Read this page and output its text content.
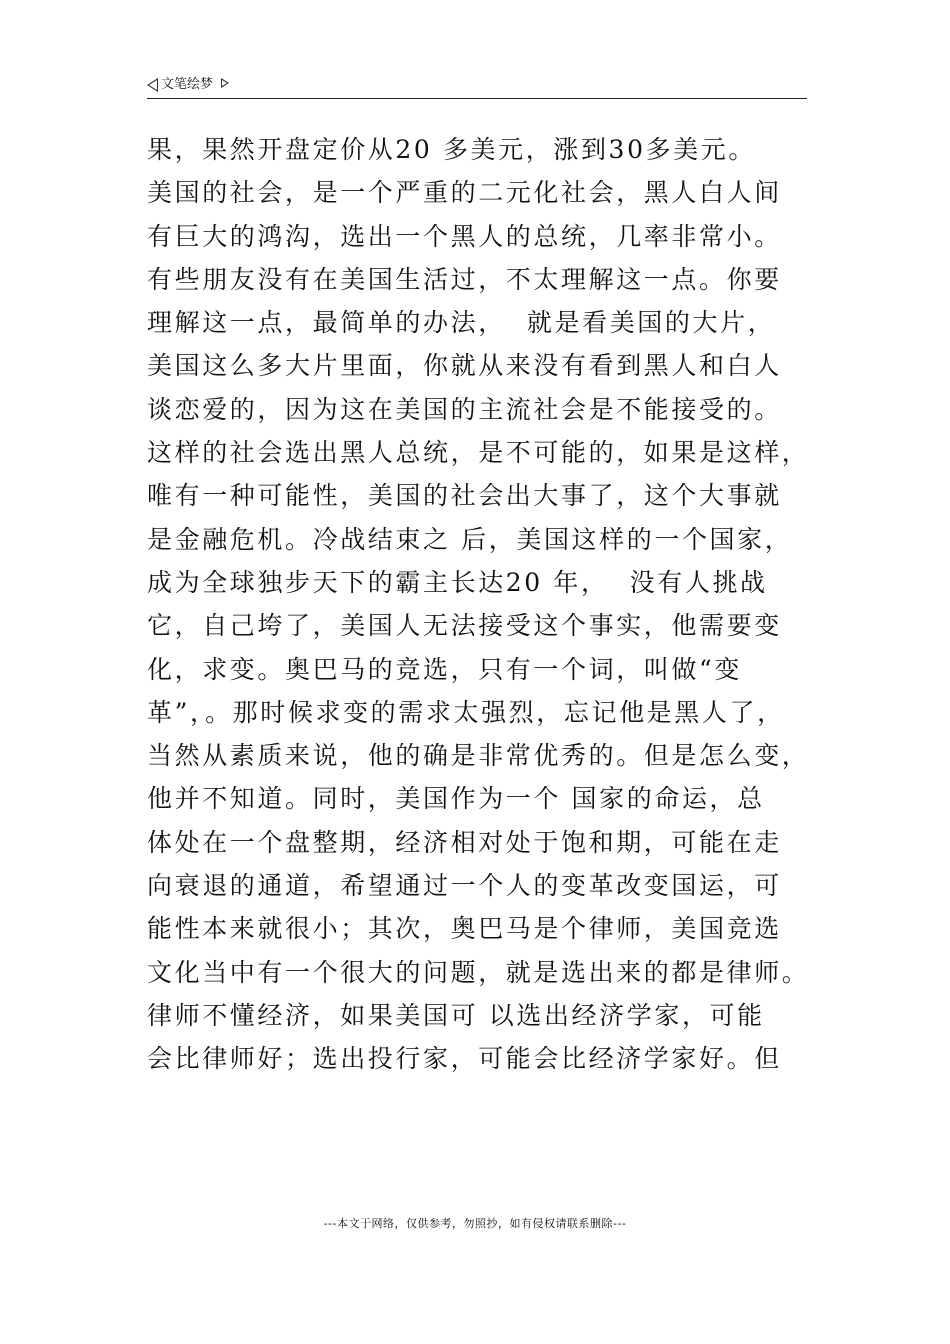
文笔绘梦
果，果然开盘定价从20 多美元，涨到30多美元。
美国的社会，是一个严重的二元化社会，黑人白人间
有巨大的鸿沟，选出一个黑人的总统，几率非常小。
有些朋友没有在美国生活过，不太理解这一点。你要
理解这一点，最简单的办法，  就是看美国的大片，
美国这么多大片里面，你就从来没有看到黑人和白人
谈恋爱的，因为这在美国的主流社会是不能接受的。
这样的社会选出黑人总统，是不可能的，如果是这样，
唯有一种可能性，美国的社会出大事了，这个大事就
是金融危机。冷战结束之 后，美国这样的一个国家，
成为全球独步天下的霸主长达20 年，  没有人挑战
它，自己垮了，美国人无法接受这个事实，他需要变
化，求变。奥巴马的竞选，只有一个词，叫做“变
革”，。那时候求变的需求太强烈，忘记他是黑人了，
当然从素质来说，他的确是非常优秀的。但是怎么变，
他并不知道。同时，美国作为一个 国家的命运，总
体处在一个盘整期，经济相对处于饱和期，可能在走
向衰退的通道，希望通过一个人的变革改变国运，可
能性本来就很小；其次，奥巴马是个律师，美国竞选
文化当中有一个很大的问题，就是选出来的都是律师。
律师不懂经济，如果美国可 以选出经济学家，可能
会比律师好；选出投行家，可能会比经济学家好。但
---本文于网络，仅供参考，勿照抄，如有侵权请联系删除---
